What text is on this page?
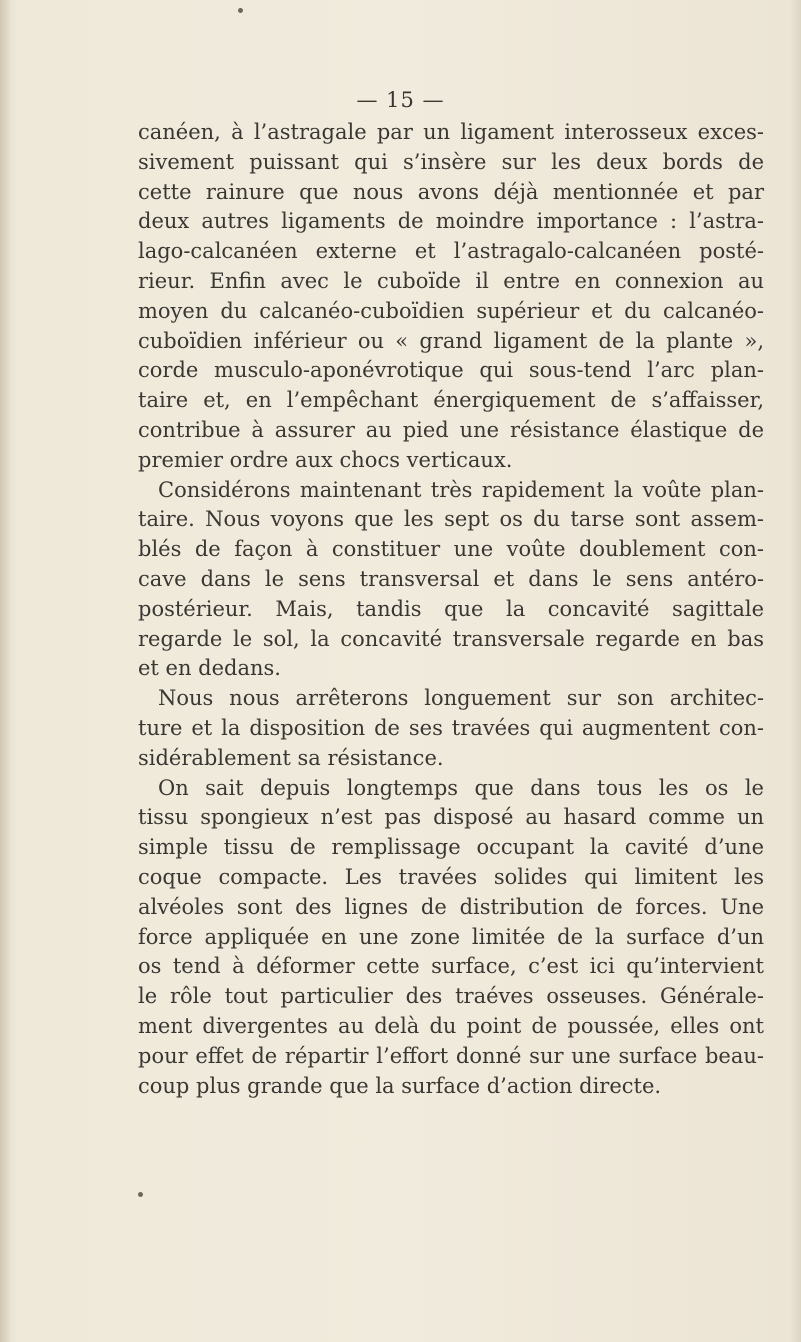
— 15 —
canéen, à l’astragale par un ligament interosseux exces-
sivement puissant qui s’insère sur les deux bords de
cette rainure que nous avons déjà mentionnée et par
deux autres ligaments de moindre importance : l’astra-
lago-calcanéen externe et l’astragalo-calcanéen posté-
rieur. Enfin avec le cuboïde il entre en connexion au
moyen du calcanéo-cuboïdien supérieur et du calcanéo-
cuboïdien inférieur ou « grand ligament de la plante »,
corde musculo-aponévrotique qui sous-tend l’arc plan-
taire et, en l’empêchant énergiquement de s’affaisser,
contribue à assurer au pied une résistance élastique de
premier ordre aux chocs verticaux.
Considérons maintenant très rapidement la voûte plan-
taire. Nous voyons que les sept os du tarse sont assem-
blés de façon à constituer une voûte doublement con-
cave dans le sens transversal et dans le sens antéro-
postérieur. Mais, tandis que la concavité sagittale
regarde le sol, la concavité transversale regarde en bas
et en dedans.
Nous nous arrêterons longuement sur son architec-
ture et la disposition de ses travées qui augmentent con-
sidérablement sa résistance.
On sait depuis longtemps que dans tous les os le
tissu spongieux n’est pas disposé au hasard comme un
simple tissu de remplissage occupant la cavité d’une
coque compacte. Les travées solides qui limitent les
alvéoles sont des lignes de distribution de forces. Une
force appliquée en une zone limitée de la surface d’un
os tend à déformer cette surface, c’est ici qu’intervient
le rôle tout particulier des traéves osseuses. Générale-
ment divergentes au delà du point de poussée, elles ont
pour effet de répartir l’effort donné sur une surface beau-
coup plus grande que la surface d’action directe.
